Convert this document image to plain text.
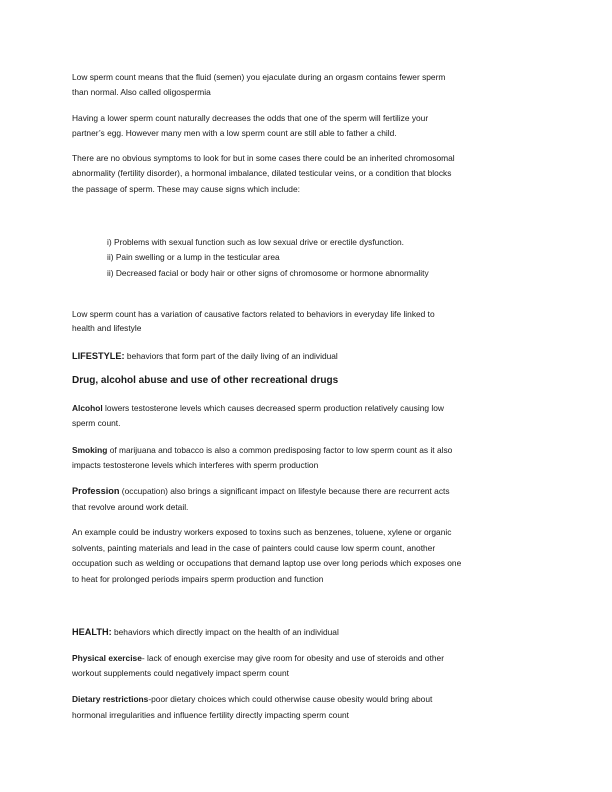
Low sperm count means that the fluid (semen) you ejaculate during an orgasm contains fewer sperm
than normal. Also called oligospermia
Having a lower sperm count naturally decreases the odds that one of the sperm will fertilize your
partner’s egg. However many men with a low sperm count are still able to father a child.
There are no obvious symptoms to look for but in some cases there could be an inherited chromosomal
abnormality (fertility disorder), a hormonal imbalance, dilated testicular veins, or a condition that blocks
the passage of sperm. These may cause signs which include:
i) Problems with sexual function such as low sexual drive or erectile dysfunction.
ii) Pain swelling or a lump in the testicular area
ii) Decreased facial or body hair or other signs of chromosome or hormone abnormality
Low sperm count has a variation of causative factors related to behaviors in everyday life linked to
health and lifestyle
LIFESTYLE: behaviors that form part of the daily living of an individual
Drug, alcohol abuse and use of other recreational drugs
Alcohol lowers testosterone levels which causes decreased sperm production relatively causing low
sperm count.
Smoking of marijuana and tobacco is also a common predisposing factor to low sperm count as it also
impacts testosterone levels which interferes with sperm production
Profession (occupation) also brings a significant impact on lifestyle because there are recurrent acts
that revolve around work detail.
An example could be industry workers exposed to toxins such as benzenes, toluene, xylene or organic
solvents, painting materials and lead in the case of painters could cause low sperm count, another
occupation such as welding or occupations that demand laptop use over long periods which exposes one
to heat for prolonged periods impairs sperm production and function
HEALTH: behaviors which directly impact on the health of an individual
Physical exercise- lack of enough exercise may give room for obesity and use of steroids and other
workout supplements could negatively impact sperm count
Dietary restrictions-poor dietary choices which could otherwise cause obesity would bring about
hormonal irregularities and influence fertility directly impacting sperm count
